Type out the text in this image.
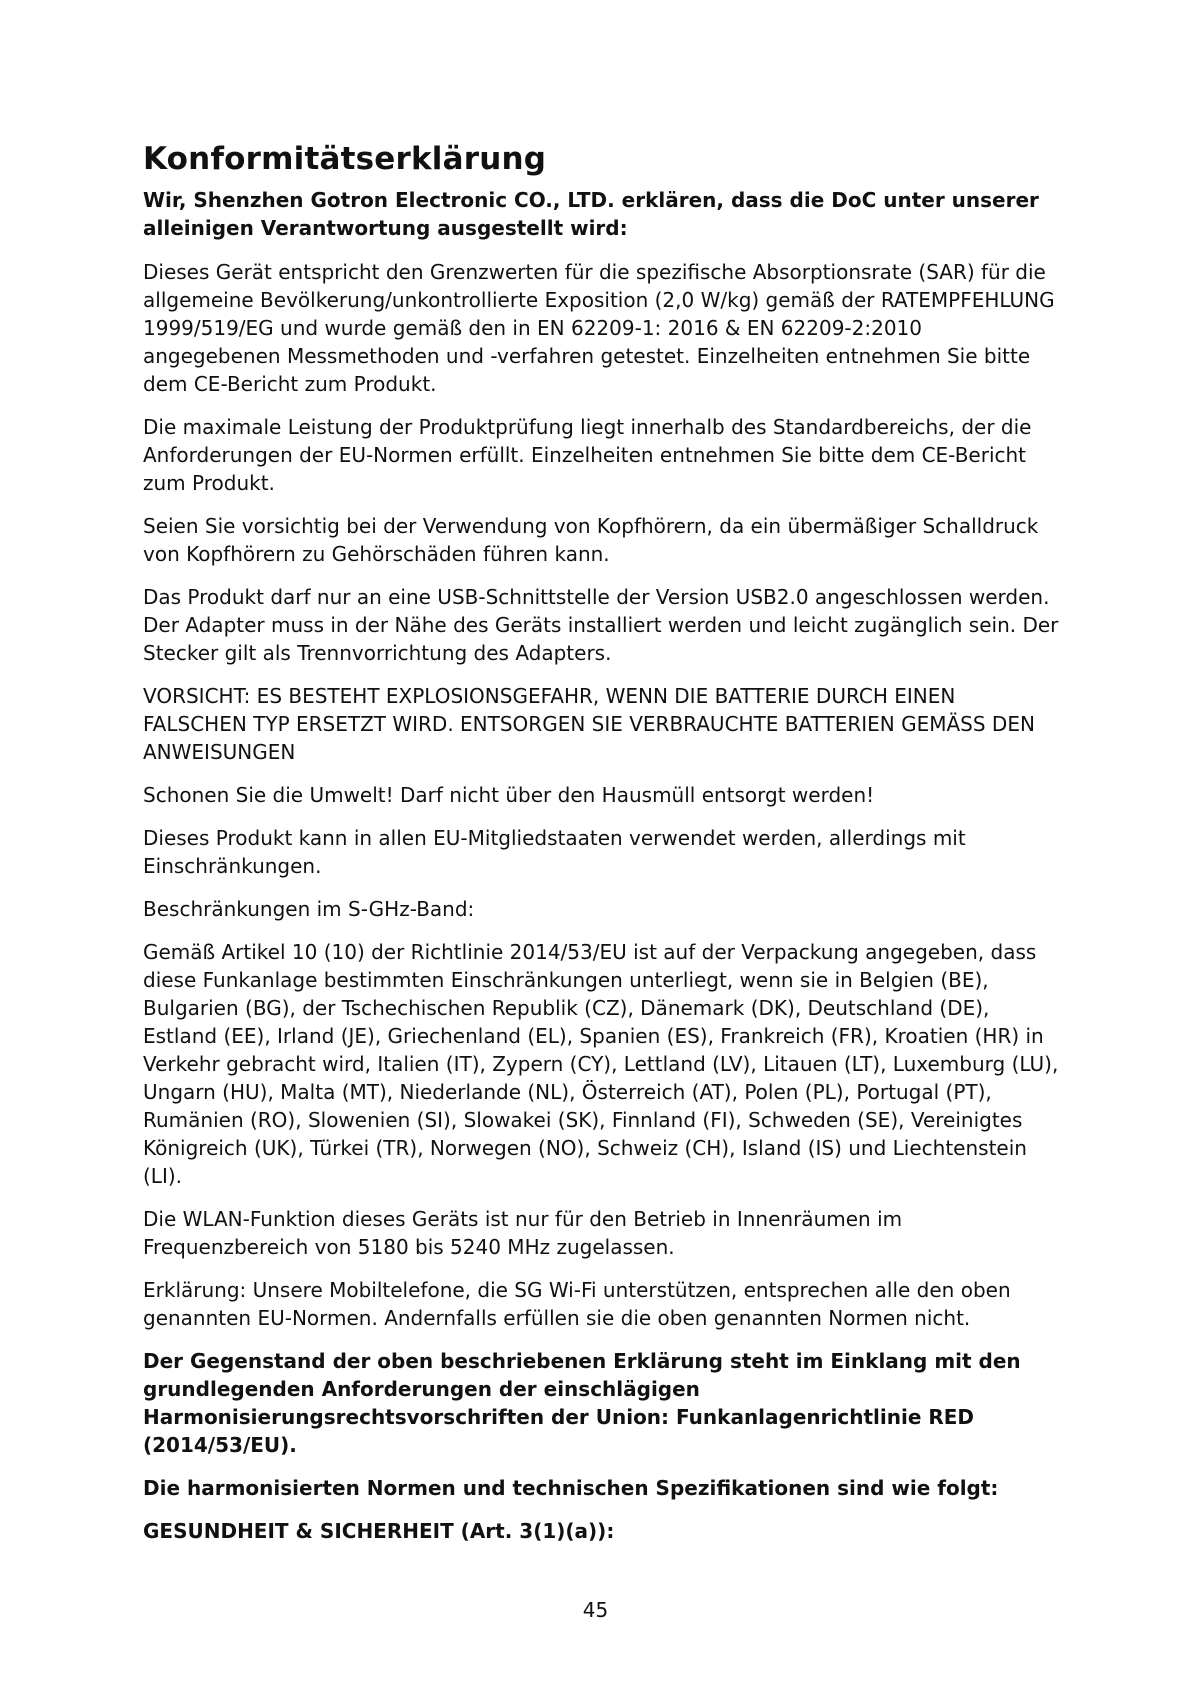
Konformitätserklärung

Wir, Shenzhen Gotron Electronic CO., LTD. erklären, dass die DoC unter unserer alleinigen Verantwortung ausgestellt wird:

Dieses Gerät entspricht den Grenzwerten für die spezifische Absorptionsrate (SAR) für die allgemeine Bevölkerung/unkontrollierte Exposition (2,0 W/kg) gemäß der RATEMPFEHLUNG 1999/519/EG und wurde gemäß den in EN 62209-1: 2016 & EN 62209-2:2010 angegebenen Messmethoden und -verfahren getestet. Einzelheiten entnehmen Sie bitte dem CE-Bericht zum Produkt.

Die maximale Leistung der Produktprüfung liegt innerhalb des Standardbereichs, der die Anforderungen der EU-Normen erfüllt. Einzelheiten entnehmen Sie bitte dem CE-Bericht zum Produkt.

Seien Sie vorsichtig bei der Verwendung von Kopfhörern, da ein übermäßiger Schalldruck von Kopfhörern zu Gehörschäden führen kann.

Das Produkt darf nur an eine USB-Schnittstelle der Version USB2.0 angeschlossen werden. Der Adapter muss in der Nähe des Geräts installiert werden und leicht zugänglich sein. Der Stecker gilt als Trennvorrichtung des Adapters.

VORSICHT: ES BESTEHT EXPLOSIONSGEFAHR, WENN DIE BATTERIE DURCH EINEN FALSCHEN TYP ERSETZT WIRD. ENTSORGEN SIE VERBRAUCHTE BATTERIEN GEMÄSS DEN ANWEISUNGEN

Schonen Sie die Umwelt! Darf nicht über den Hausmüll entsorgt werden!

Dieses Produkt kann in allen EU-Mitgliedstaaten verwendet werden, allerdings mit Einschränkungen.

Beschränkungen im S-GHz-Band:

Gemäß Artikel 10 (10) der Richtlinie 2014/53/EU ist auf der Verpackung angegeben, dass diese Funkanlage bestimmten Einschränkungen unterliegt, wenn sie in Belgien (BE), Bulgarien (BG), der Tschechischen Republik (CZ), Dänemark (DK), Deutschland (DE), Estland (EE), Irland (JE), Griechenland (EL), Spanien (ES), Frankreich (FR), Kroatien (HR) in Verkehr gebracht wird, Italien (IT), Zypern (CY), Lettland (LV), Litauen (LT), Luxemburg (LU), Ungarn (HU), Malta (MT), Niederlande (NL), Österreich (AT), Polen (PL), Portugal (PT), Rumänien (RO), Slowenien (SI), Slowakei (SK), Finnland (FI), Schweden (SE), Vereinigtes Königreich (UK), Türkei (TR), Norwegen (NO), Schweiz (CH), Island (IS) und Liechtenstein (LI).

Die WLAN-Funktion dieses Geräts ist nur für den Betrieb in Innenräumen im Frequenzbereich von 5180 bis 5240 MHz zugelassen.

Erklärung: Unsere Mobiltelefone, die SG Wi-Fi unterstützen, entsprechen alle den oben genannten EU-Normen. Andernfalls erfüllen sie die oben genannten Normen nicht.

Der Gegenstand der oben beschriebenen Erklärung steht im Einklang mit den grundlegenden Anforderungen der einschlägigen Harmonisierungsrechtsvorschriften der Union: Funkanlagenrichtlinie RED (2014/53/EU).

Die harmonisierten Normen und technischen Spezifikationen sind wie folgt:

GESUNDHEIT & SICHERHEIT (Art. 3(1)(a)):

45
